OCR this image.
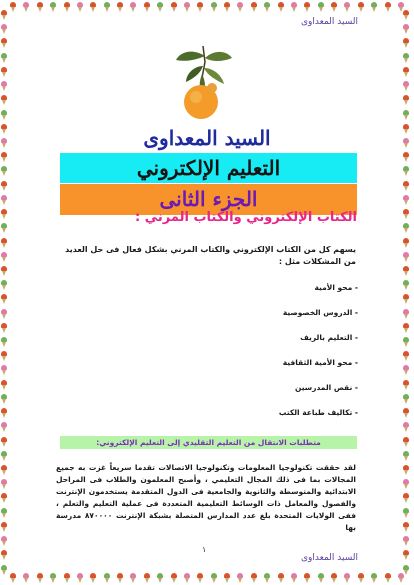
السيد المعداوى
السيد المعداوى
التعليم الإلكتروني
الجزء الثانى
الكتاب الإلكتروني والكتاب المرني :
يسهم كل من الكتاب الإلكتروني والكتاب المرني بشكل فعال فى حل العديد من المشكلات مثل :
- محو الأمية
- الدروس الخصوصية
- التعليم بالريف
- محو الأمية الثقافية
- نقص المدرسين
- تكاليف طباعة الكتب
متطلبات الانتقال من التعليم التقليدي إلى التعليم الإلكتروني:
لقد حققت تكنولوجيا المعلومات وتكنولوجيا الاتصالات تقدما سريعاً غزت به جميع المجالات بما فى ذلك المجال التعليمي ، وأصبح المعلمون والطلاب فى المراحل الابتدائية والمتوسطة والثانوية والجامعية فى الدول المتقدمة يستخدمون الإنترنت والفصول والمعامل ذات الوسائط التعليمية المتعددة فى عملية التعليم والتعلم ، ففى الولايات المتحدة بلغ عدد المدارس المتصلة بشبكة الإنترنت ٨٧٠٠٠٠ مدرسة بها
١
السيد المعداوى
